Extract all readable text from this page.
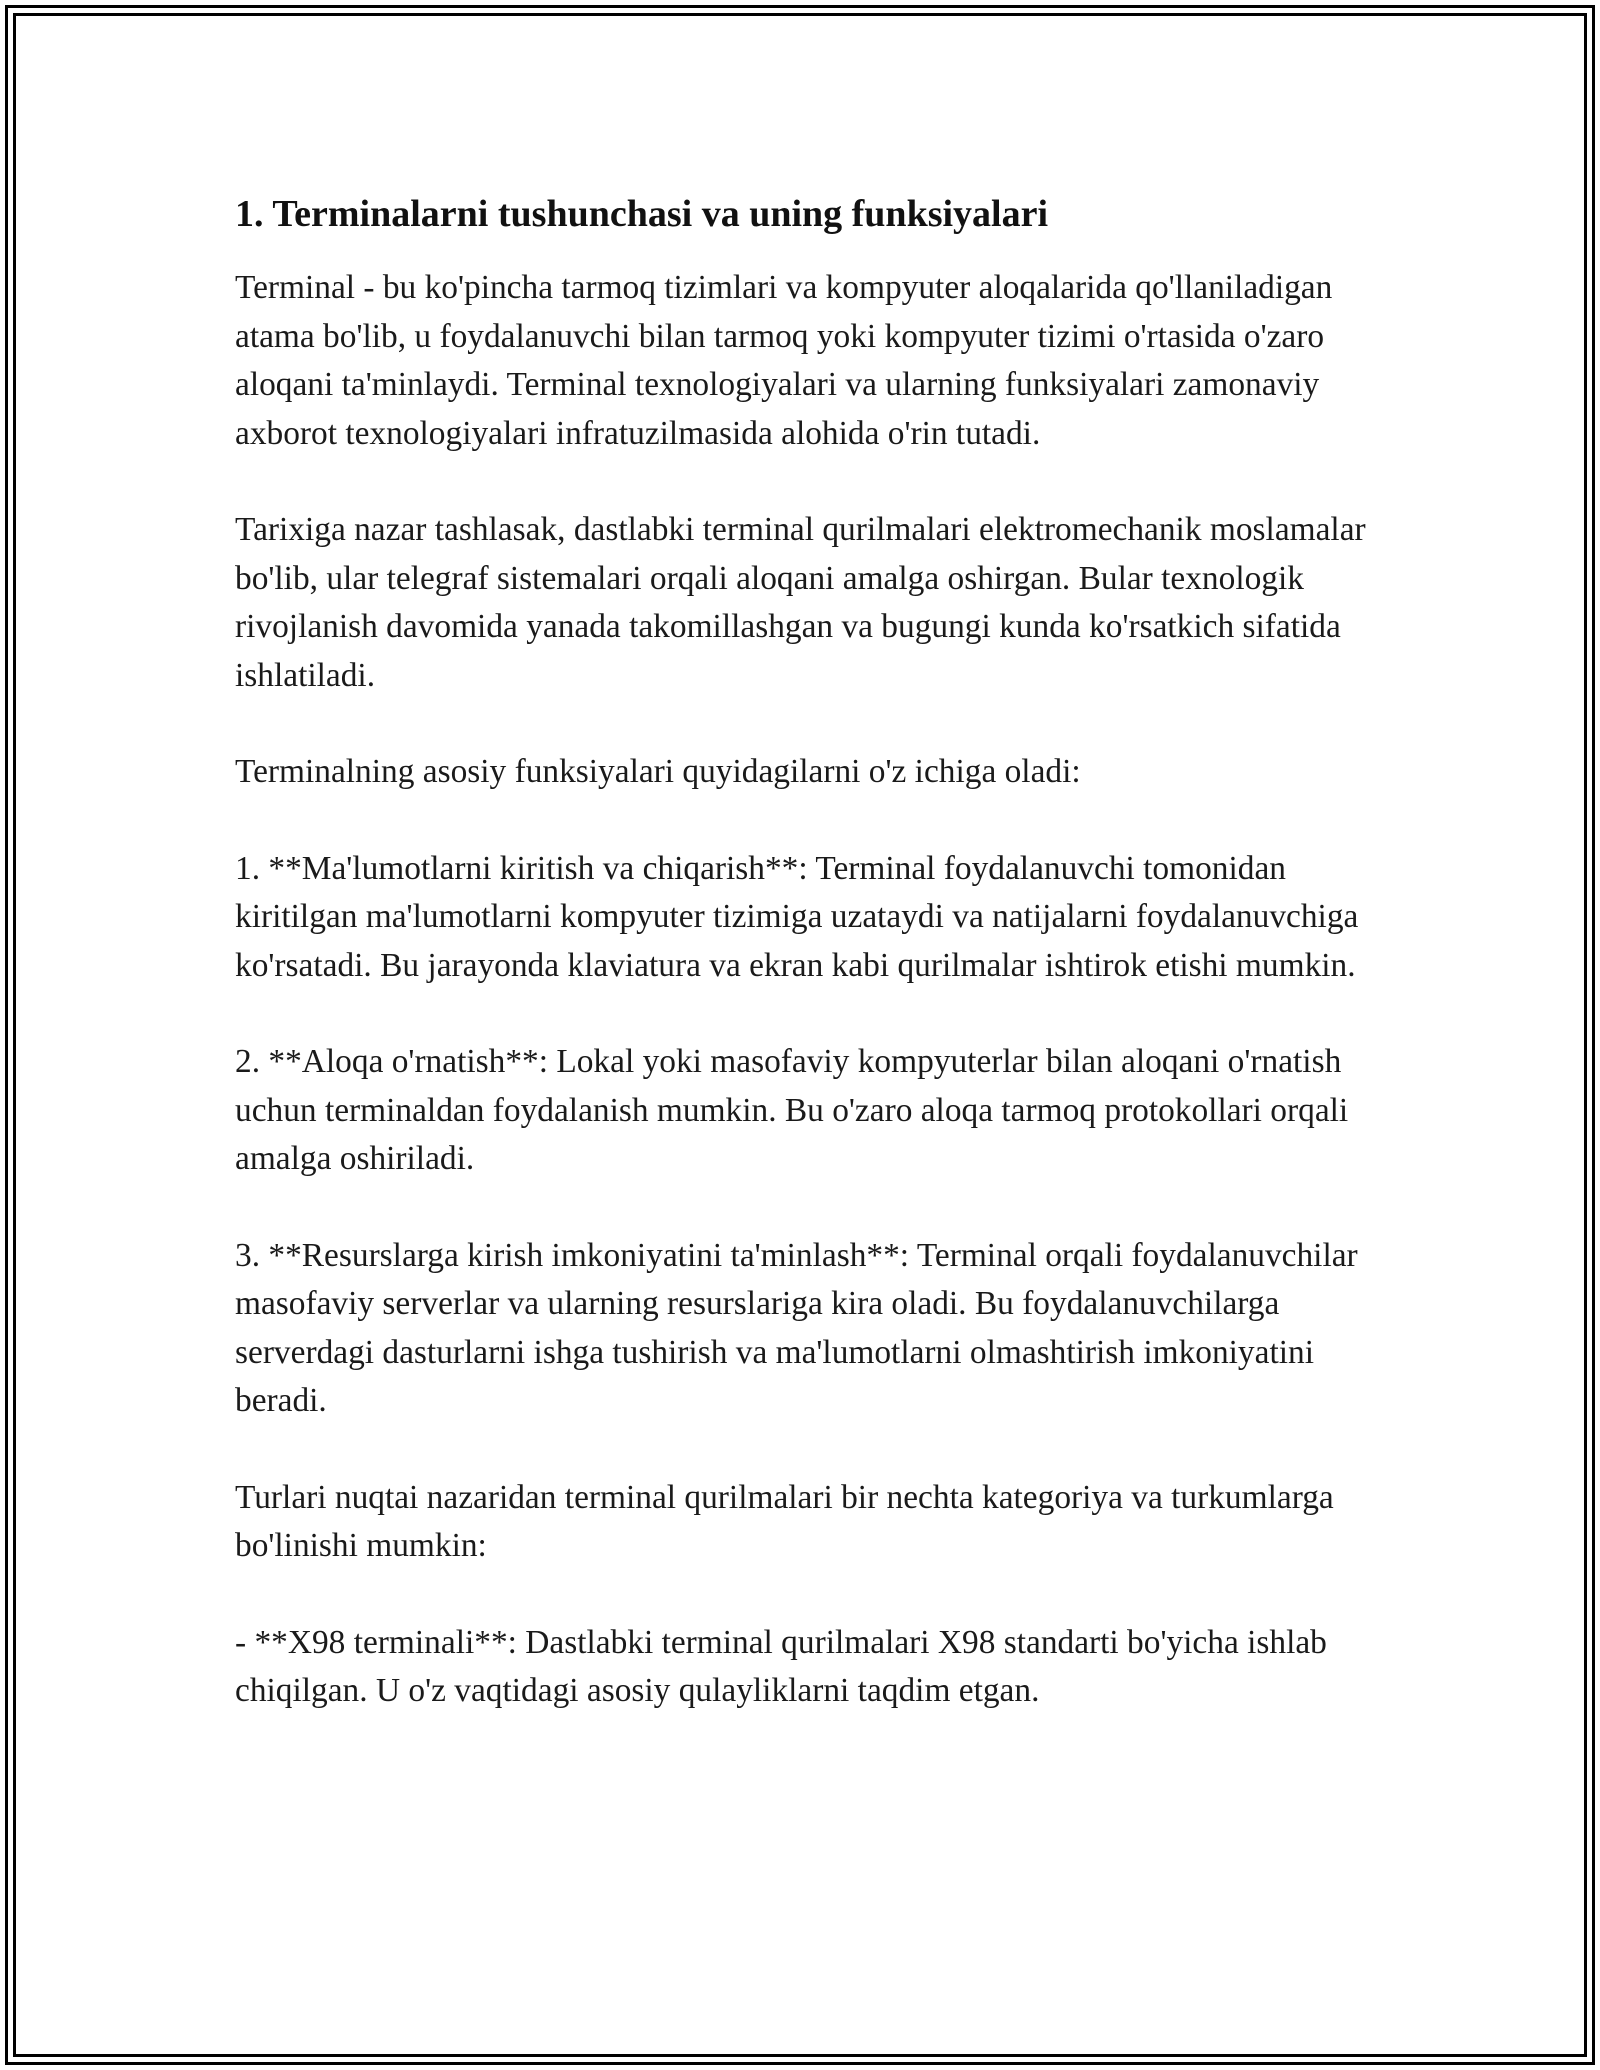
1. Terminalarni tushunchasi va uning funksiyalari

Terminal - bu ko'pincha tarmoq tizimlari va kompyuter aloqalarida qo'llaniladigan atama bo'lib, u foydalanuvchi bilan tarmoq yoki kompyuter tizimi o'rtasida o'zaro aloqani ta'minlaydi. Terminal texnologiyalari va ularning funksiyalari zamonaviy axborot texnologiyalari infratuzilmasida alohida o'rin tutadi.

Tarixiga nazar tashlasak, dastlabki terminal qurilmalari elektromechanik moslamalar bo'lib, ular telegraf sistemalari orqali aloqani amalga oshirgan. Bular texnologik rivojlanish davomida yanada takomillashgan va bugungi kunda ko'rsatkich sifatida ishlatiladi.

Terminalning asosiy funksiyalari quyidagilarni o'z ichiga oladi:

1. **Ma'lumotlarni kiritish va chiqarish**: Terminal foydalanuvchi tomonidan kiritilgan ma'lumotlarni kompyuter tizimiga uzataydi va natijalarni foydalanuvchiga ko'rsatadi. Bu jarayonda klaviatura va ekran kabi qurilmalar ishtirok etishi mumkin.

2. **Aloqa o'rnatish**: Lokal yoki masofaviy kompyuterlar bilan aloqani o'rnatish uchun terminaldan foydalanish mumkin. Bu o'zaro aloqa tarmoq protokollari orqali amalga oshiriladi.

3. **Resurslarga kirish imkoniyatini ta'minlash**: Terminal orqali foydalanuvchilar masofaviy serverlar va ularning resurslariga kira oladi. Bu foydalanuvchilarga serverdagi dasturlarni ishga tushirish va ma'lumotlarni olmashtirish imkoniyatini beradi.

Turlari nuqtai nazaridan terminal qurilmalari bir nechta kategoriya va turkumlarga bo'linishi mumkin:

- **X98 terminali**: Dastlabki terminal qurilmalari X98 standarti bo'yicha ishlab chiqilgan. U o'z vaqtidagi asosiy qulayliklarni taqdim etgan.
